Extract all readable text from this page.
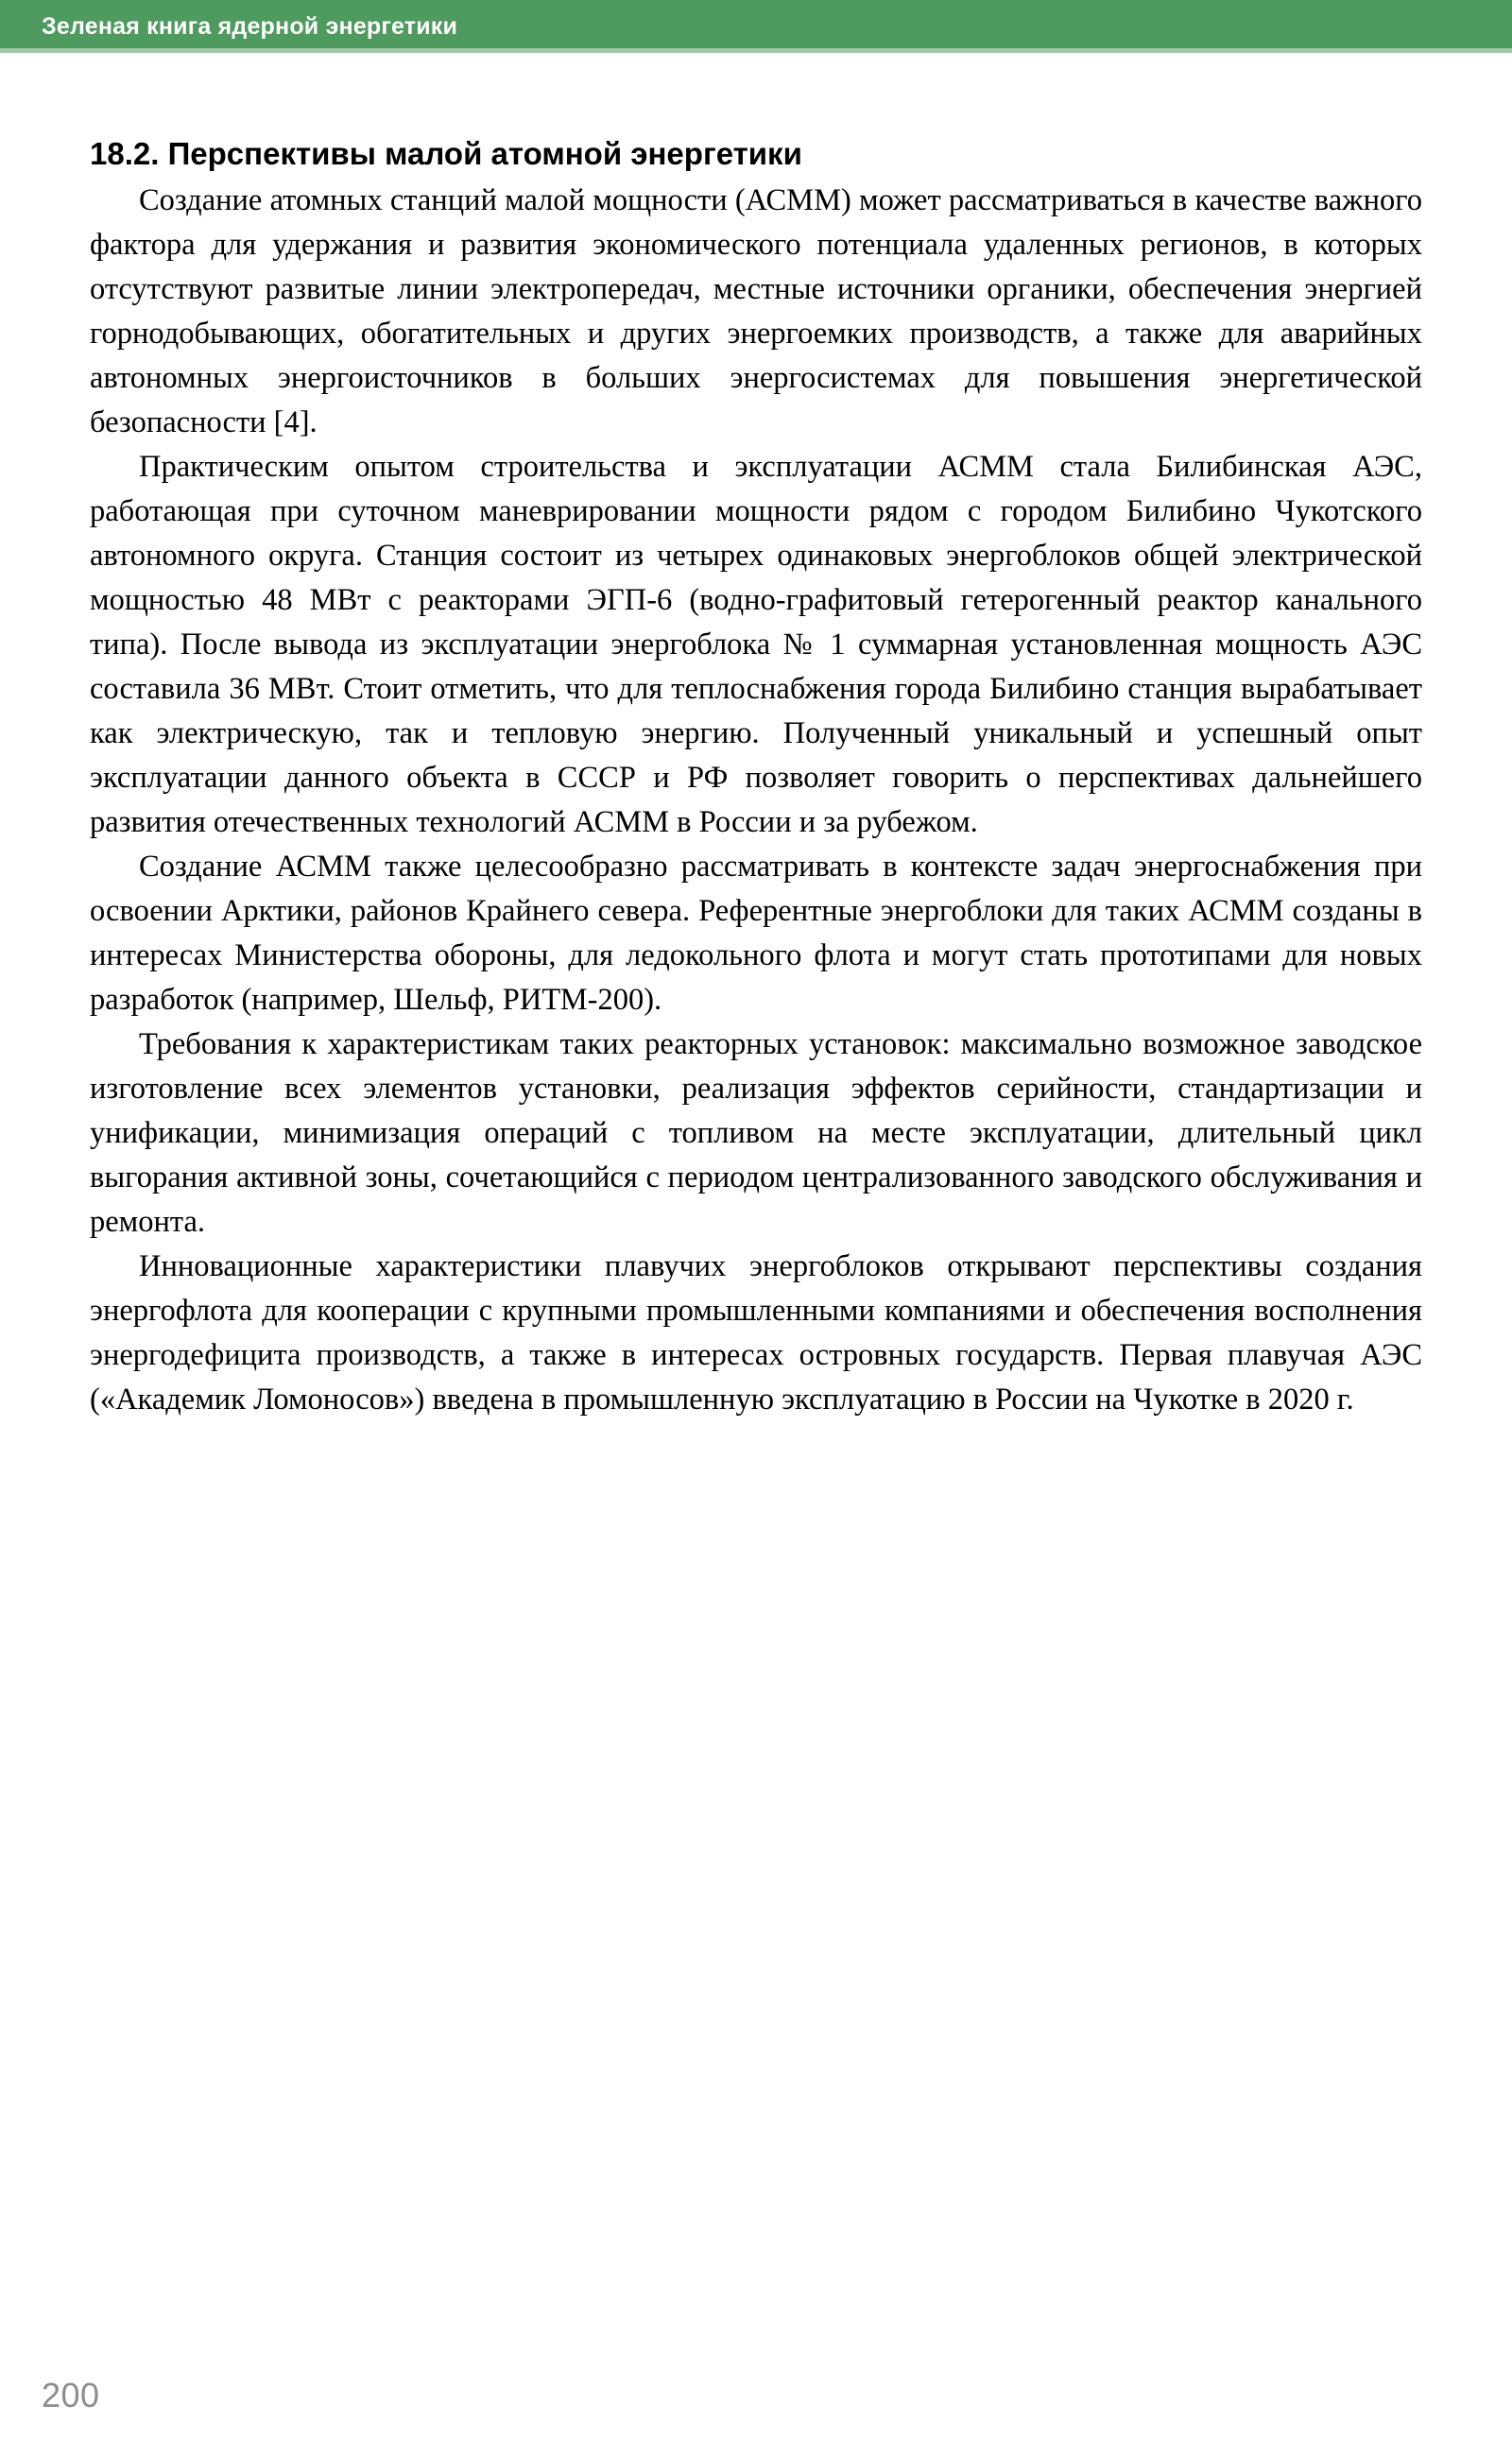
Зеленая книга ядерной энергетики
18.2. Перспективы малой атомной энергетики

Создание атомных станций малой мощности (АСММ) может рассматриваться в качестве важного фактора для удержания и развития экономического потенциала удаленных регионов, в которых отсутствуют развитые линии электропередач, местные источники органики, обеспечения энергией горнодобывающих, обогатительных и других энергоемких производств, а также для аварийных автономных энергоисточников в больших энергосистемах для повышения энергетической безопасности [4].

Практическим опытом строительства и эксплуатации АСММ стала Билибинская АЭС, работающая при суточном маневрировании мощности рядом с городом Билибино Чукотского автономного округа. Станция состоит из четырех одинаковых энергоблоков общей электрической мощностью 48 МВт с реакторами ЭГП-6 (водно-графитовый гетерогенный реактор канального типа). После вывода из эксплуатации энергоблока № 1 суммарная установленная мощность АЭС составила 36 МВт. Стоит отметить, что для теплоснабжения города Билибино станция вырабатывает как электрическую, так и тепловую энергию. Полученный уникальный и успешный опыт эксплуатации данного объекта в СССР и РФ позволяет говорить о перспективах дальнейшего развития отечественных технологий АСММ в России и за рубежом.

Создание АСММ также целесообразно рассматривать в контексте задач энергоснабжения при освоении Арктики, районов Крайнего севера. Референтные энергоблоки для таких АСММ созданы в интересах Министерства обороны, для ледокольного флота и могут стать прототипами для новых разработок (например, Шельф, РИТМ-200).

Требования к характеристикам таких реакторных установок: максимально возможное заводское изготовление всех элементов установки, реализация эффектов серийности, стандартизации и унификации, минимизация операций с топливом на месте эксплуатации, длительный цикл выгорания активной зоны, сочетающийся с периодом централизованного заводского обслуживания и ремонта.

Инновационные характеристики плавучих энергоблоков открывают перспективы создания энергофлота для кооперации с крупными промышленными компаниями и обеспечения восполнения энергодефицита производств, а также в интересах островных государств. Первая плавучая АЭС («Академик Ломоносов») введена в промышленную эксплуатацию в России на Чукотке в 2020 г.

200
